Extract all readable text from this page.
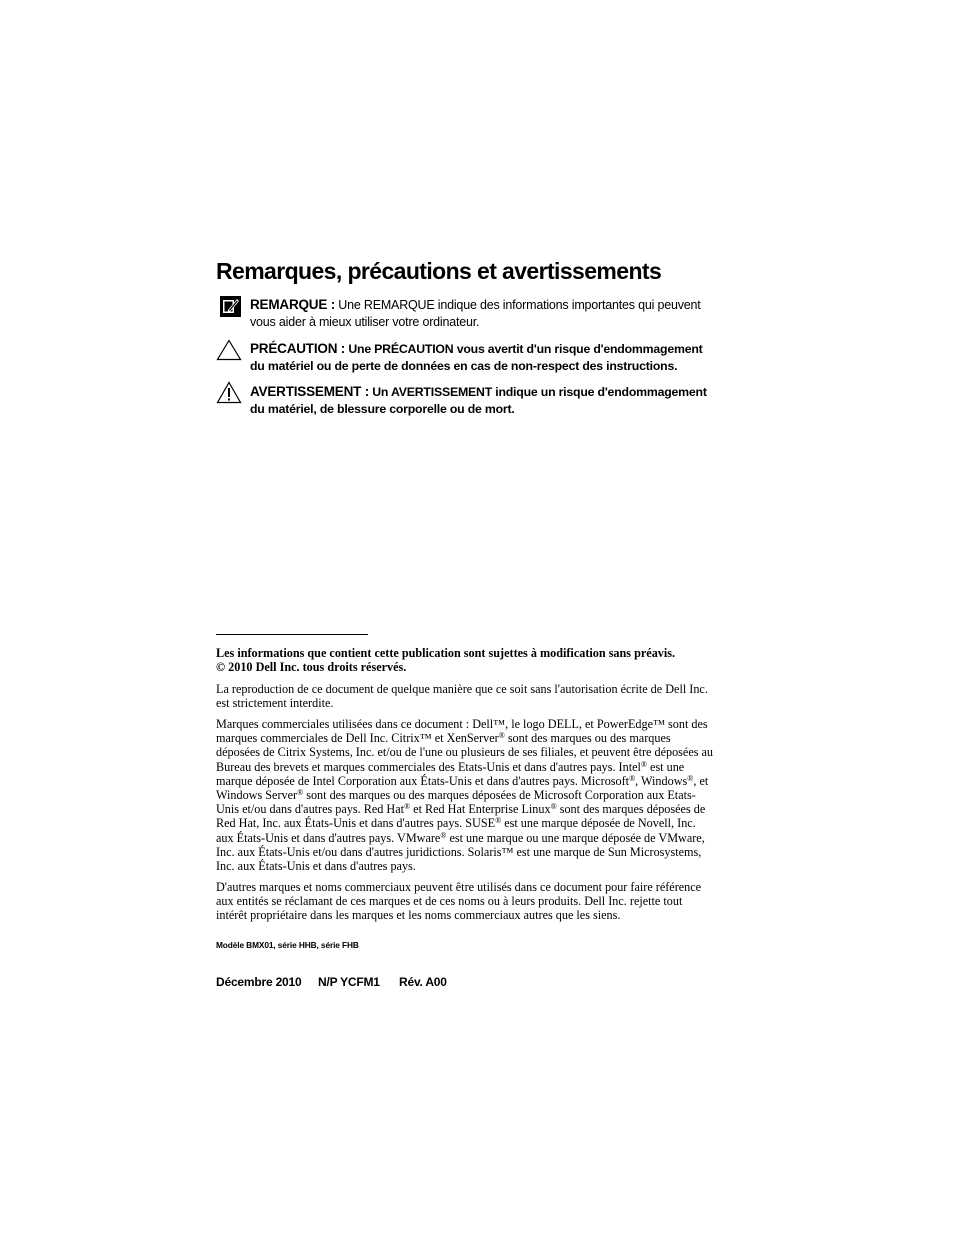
Remarques, précautions et avertissements
REMARQUE : Une REMARQUE indique des informations importantes qui peuvent vous aider à mieux utiliser votre ordinateur.
PRÉCAUTION : Une PRÉCAUTION vous avertit d'un risque d'endommagement du matériel ou de perte de données en cas de non-respect des instructions.
AVERTISSEMENT : Un AVERTISSEMENT indique un risque d'endommagement du matériel, de blessure corporelle ou de mort.

Les informations que contient cette publication sont sujettes à modification sans préavis.
© 2010 Dell Inc. tous droits réservés.

La reproduction de ce document de quelque manière que ce soit sans l'autorisation écrite de Dell Inc. est strictement interdite.

Marques commerciales utilisées dans ce document : Dell™, le logo DELL, et PowerEdge™ sont des marques commerciales de Dell Inc. Citrix™ et XenServer® sont des marques ou des marques déposées de Citrix Systems, Inc. et/ou de l'une ou plusieurs de ses filiales, et peuvent être déposées au Bureau des brevets et marques commerciales des Etats-Unis et dans d'autres pays. Intel® est une marque déposée de Intel Corporation aux États-Unis et dans d'autres pays. Microsoft®, Windows®, et Windows Server® sont des marques ou des marques déposées de Microsoft Corporation aux Etats-Unis et/ou dans d'autres pays. Red Hat® et Red Hat Enterprise Linux® sont des marques déposées de Red Hat, Inc. aux États-Unis et dans d'autres pays. SUSE® est une marque déposée de Novell, Inc. aux États-Unis et dans d'autres pays. VMware® est une marque ou une marque déposée de VMware, Inc. aux États-Unis et/ou dans d'autres juridictions. Solaris™ est une marque de Sun Microsystems, Inc. aux États-Unis et dans d'autres pays.

D'autres marques et noms commerciaux peuvent être utilisés dans ce document pour faire référence aux entités se réclamant de ces marques et de ces noms ou à leurs produits. Dell Inc. rejette tout intérêt propriétaire dans les marques et les noms commerciaux autres que les siens.

Modèle BMX01, série HHB, série FHB
Décembre 2010 N/P YCFM1 Rév. A00
